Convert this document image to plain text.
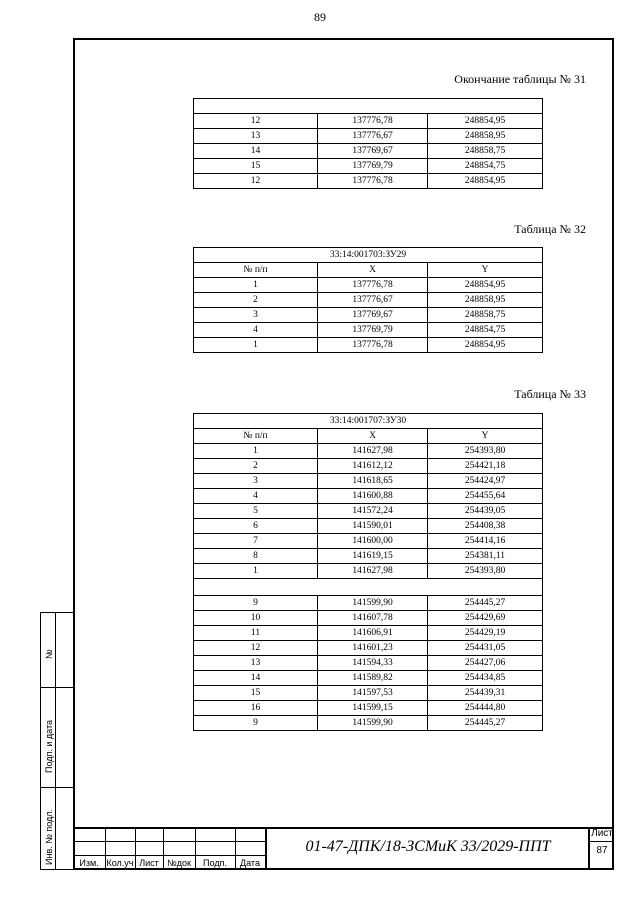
89
Окончание таблицы № 31

12	137776,78	248854,95
13	137776,67	248858,95
14	137769,67	248858,75
15	137769,79	248854,75
12	137776,78	248854,95
Таблица № 32
33:14:001703:ЗУ29		
№ п/п	X	Y
1	137776,78	248854,95
2	137776,67	248858,95
3	137769,67	248858,75
4	137769,79	248854,75
1	137776,78	248854,95
Таблица № 33
33:14:001707:ЗУ30		
№ п/п	X	Y
1	141627,98	254393,80
2	141612,12	254421,18
3	141618,65	254424,97
4	141600,88	254455,64
5	141572,24	254439,05
6	141590,01	254408,38
7	141600,00	254414,16
8	141619,15	254381,11
1	141627,98	254393,80

9	141599,90	254445,27
10	141607,78	254429,69
11	141606,91	254429,19
12	141601,23	254431,05
13	141594,33	254427,06
14	141589,82	254434,85
15	141597,53	254439,31
16	141599,15	254444,80
9	141599,90	254445,27
№
Подп. и дата
Инв. № подл.	Изм. Кол.уч Лист №док	Подп.	Дата
01-47-ДПК/18-ЗСМиК 33/2029-ППТ
Лист
87
